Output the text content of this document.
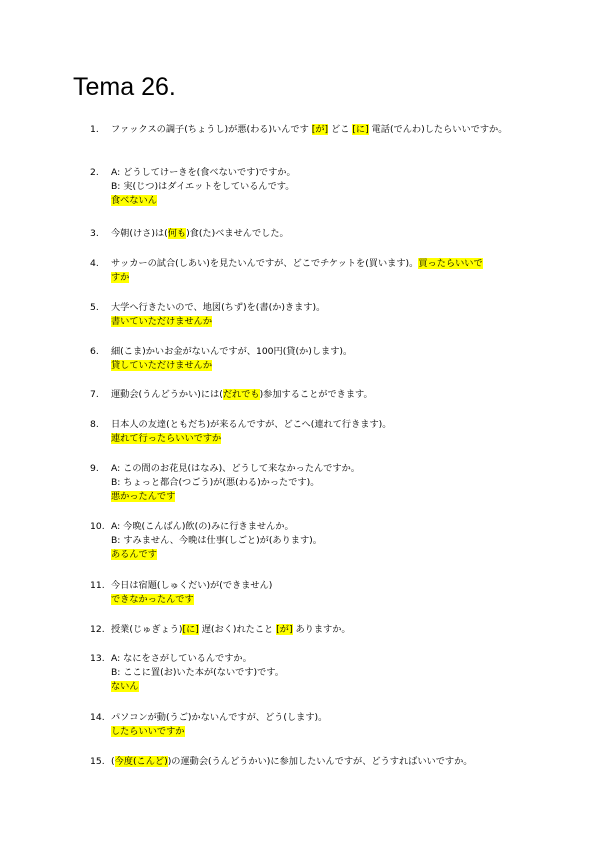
Tema 26.
1.	ファックスの調子(ちょうし)が悪(わる)いんです [が] どこ [に] 電話(でんわ)したらいいですか。
2.	A: どうしてけーきを(食べないです)ですか。
B: 実(じつ)はダイエットをしているんです。
食べないん
3.	今朝(けさ)は(何も)食(た)べませんでした。
4.	サッカーの試合(しあい)を見たいんですが、どこでチケットを(買います)。買ったらいいで
すか
5.	大学へ行きたいので、地図(ちず)を(書(か)きます)。
書いていただけませんか
6.	細(こま)かいお金がないんですが、100円(貸(か)します)。
貸していただけませんか
7.	運動会(うんどうかい)には(だれでも)参加することができます。
8.	日本人の友達(ともだち)が来るんですが、どこへ(連れて行きます)。
連れて行ったらいいですか
9.	A: この間のお花見(はなみ)、どうして来なかったんですか。
B: ちょっと都合(つごう)が(悪(わる)かったです)。
悪かったんです
10. A: 今晩(こんばん)飲(の)みに行きませんか。
B: すみません、今晩は仕事(しごと)が(あります)。
あるんです
11. 今日は宿題(しゅくだい)が(できません)
できなかったんです
12. 授業(じゅぎょう)[に] 遅(おく)れたこと [が] ありますか。
13. A: なにをさがしているんですか。
B: ここに置(お)いた本が(ないです)です。
ないん
14. パソコンが動(うご)かないんですが、どう(します)。
したらいいですか
15. (今度(こんど))の運動会(うんどうかい)に参加したいんですが、どうすればいいですか。
